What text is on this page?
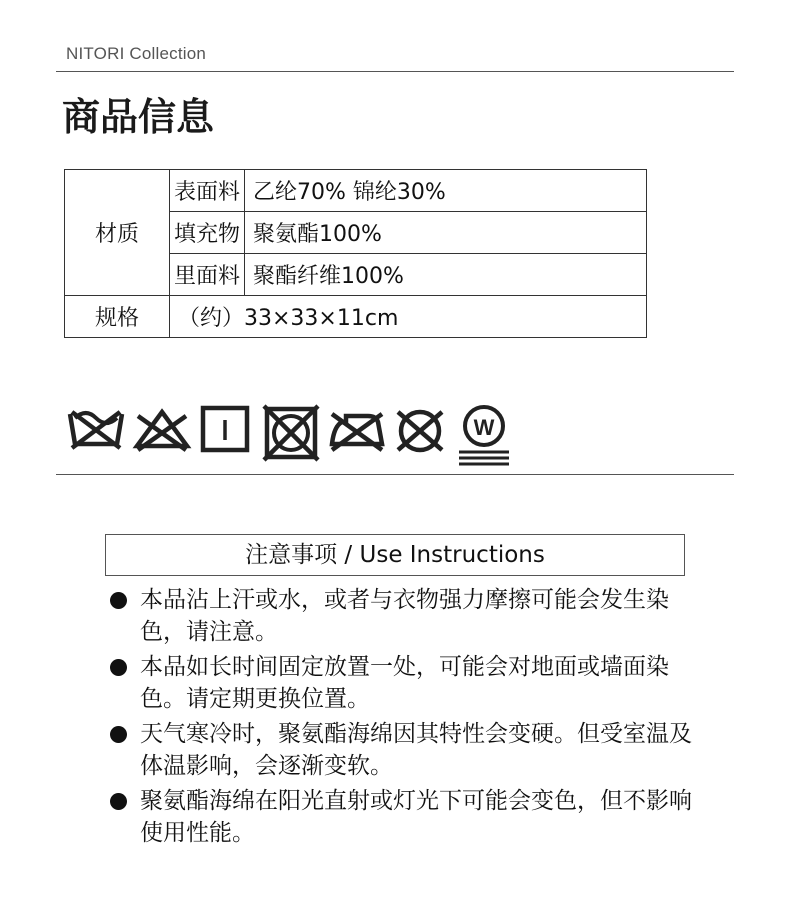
NITORI Collection
商品信息
材质	表面料	乙纶70% 锦纶30%
	填充物	聚氨酯100%
	里面料	聚酯纤维100%
规格	（约）33×33×11cm	
W
注意事项 / Use Instructions
本品沾上汗或水，或者与衣物强力摩擦可能会发生染色，请注意。
本品如长时间固定放置一处，可能会对地面或墙面染色。请定期更换位置。
天气寒冷时，聚氨酯海绵因其特性会变硬。但受室温及体温影响，会逐渐变软。
聚氨酯海绵在阳光直射或灯光下可能会变色，但不影响使用性能。
